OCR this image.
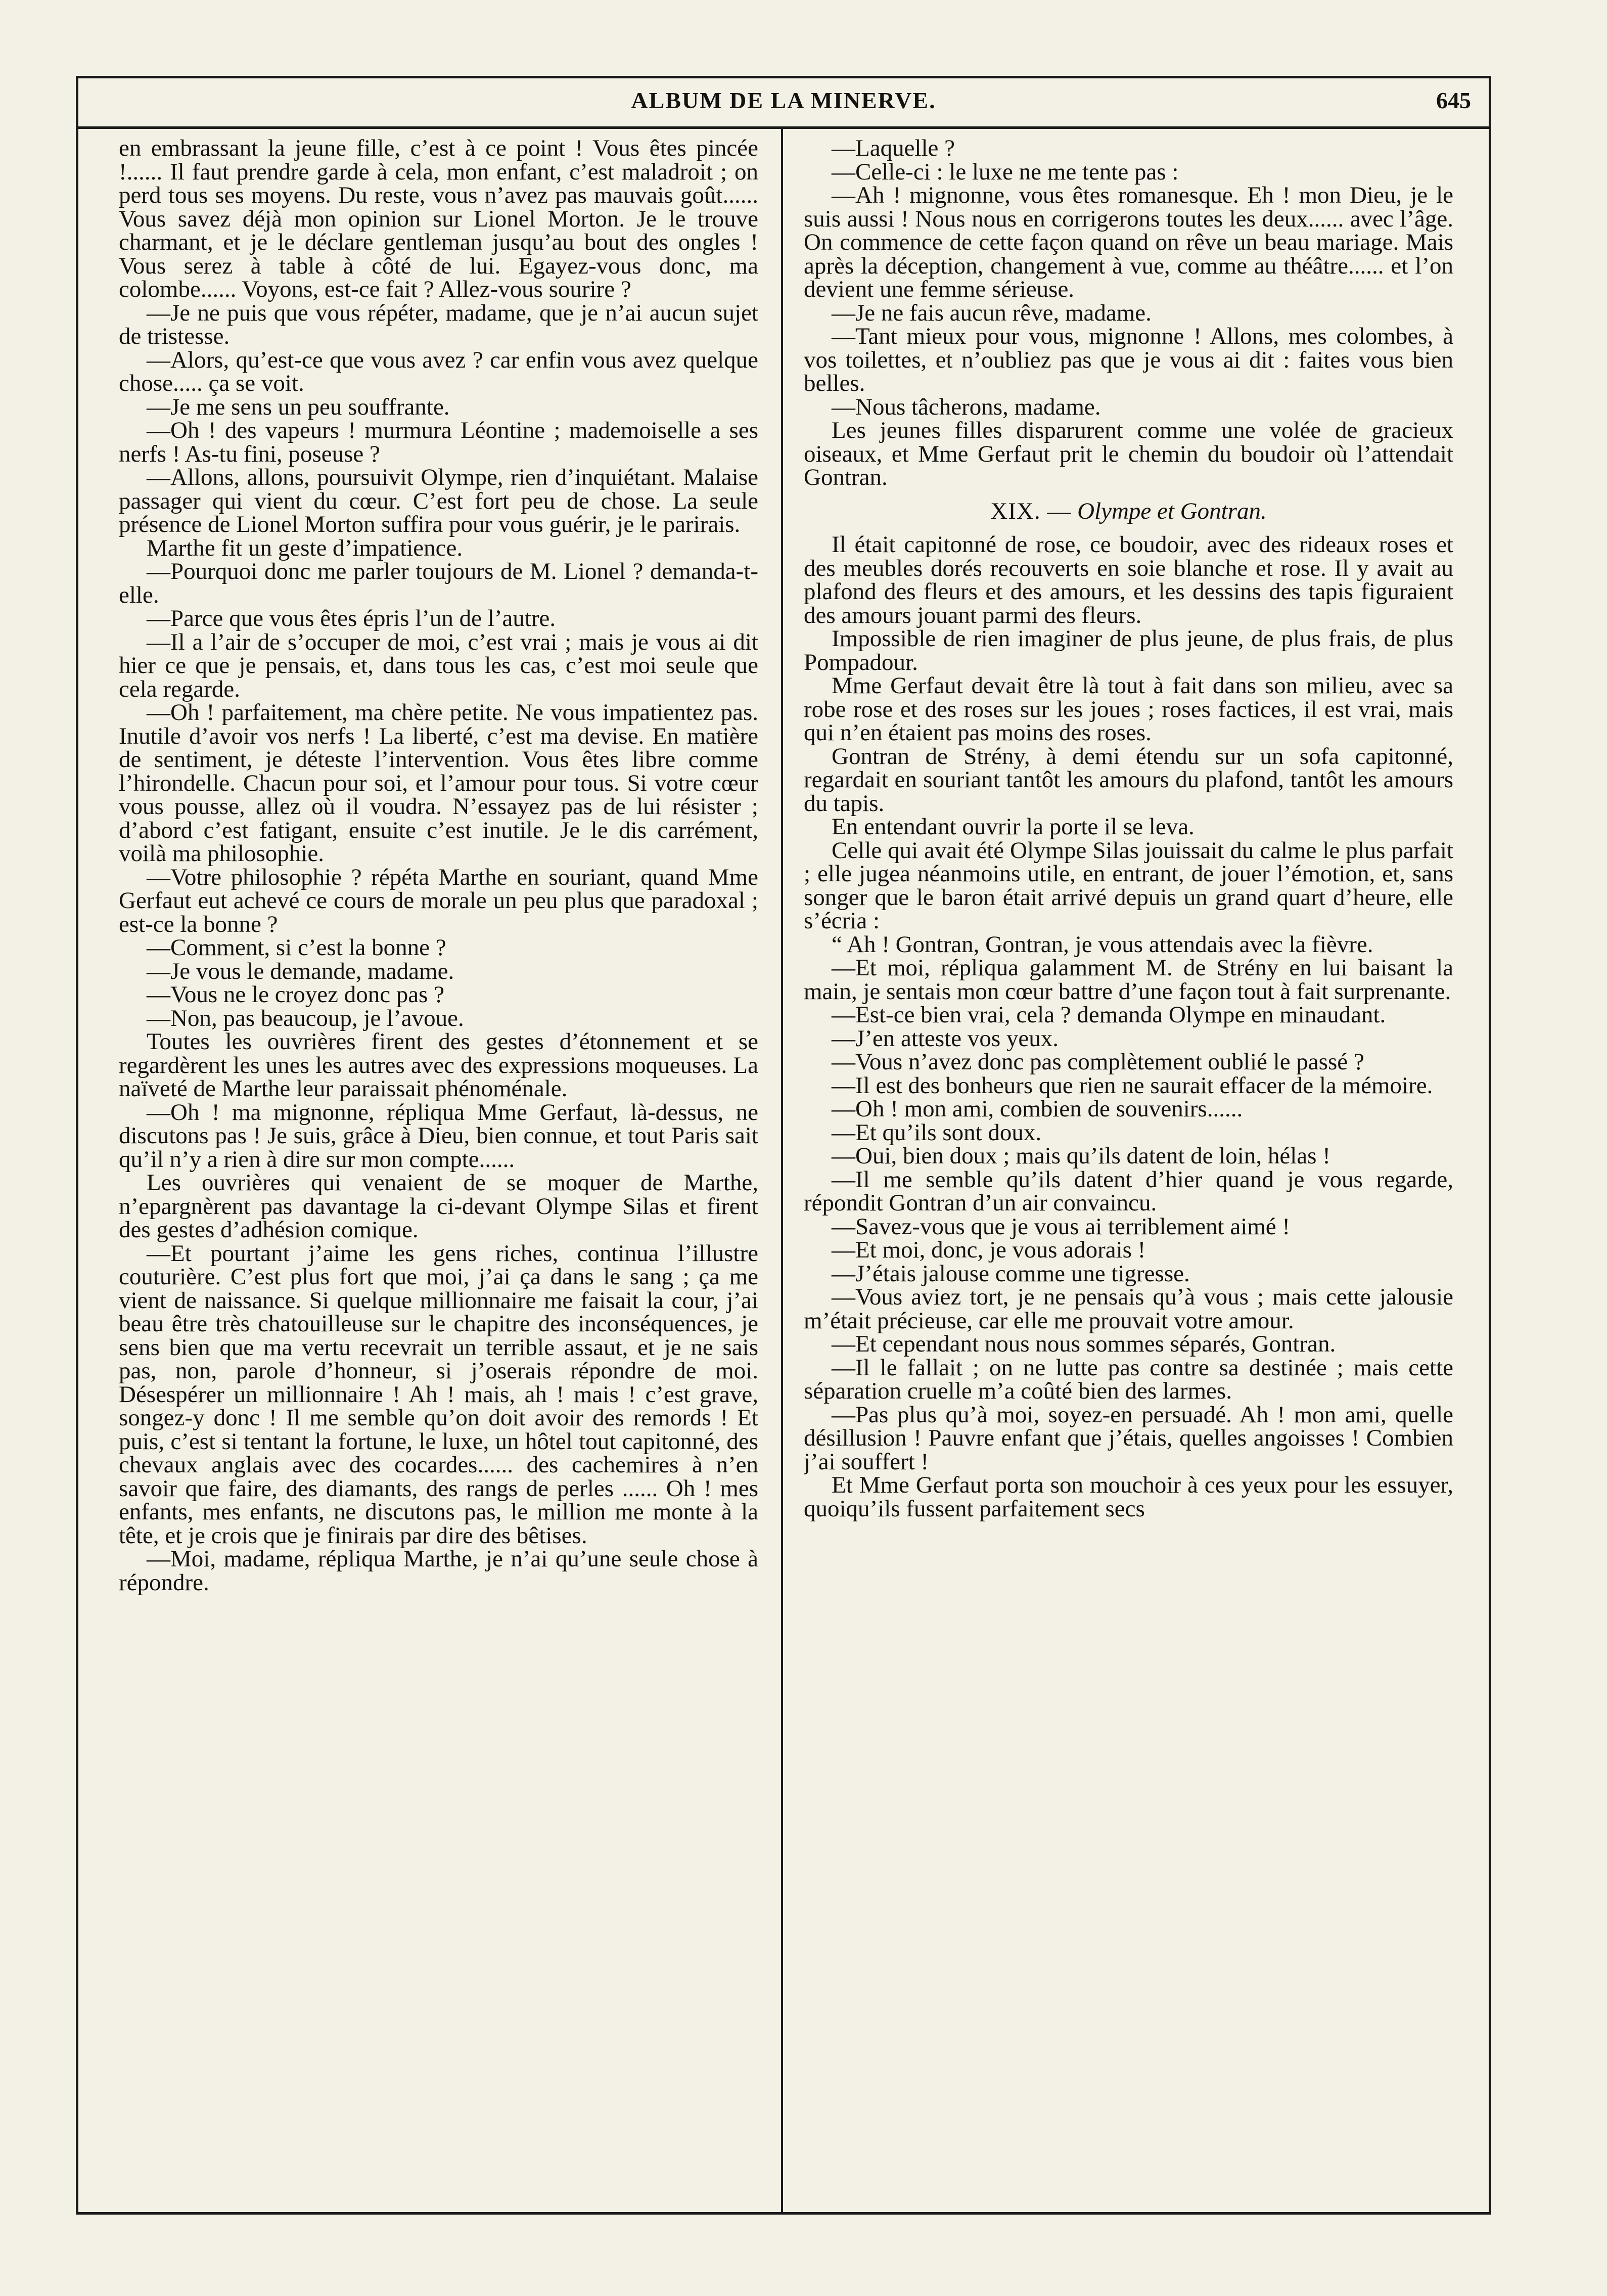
ALBUM DE LA MINERVE.	645

en embrassant la jeune fille, c’est à ce point ! Vous êtes pincée !...... Il faut prendre garde à cela, mon enfant, c’est maladroit ; on perd tous ses moyens. Du reste, vous n’avez pas mauvais goût...... Vous savez déjà mon opinion sur Lionel Morton. Je le trouve charmant, et je le déclare gentleman jusqu’au bout des ongles ! Vous serez à table à côté de lui. Egayez-vous donc, ma colombe...... Voyons, est-ce fait ? Allez-vous sourire ?

—Je ne puis que vous répéter, madame, que je n’ai aucun sujet de tristesse.

—Alors, qu’est-ce que vous avez ? car enfin vous avez quelque chose..... ça se voit.

—Je me sens un peu souffrante.

—Oh ! des vapeurs ! murmura Léontine ; mademoiselle a ses nerfs ! As-tu fini, poseuse ?

—Allons, allons, poursuivit Olympe, rien d’inquiétant. Malaise passager qui vient du cœur. C’est fort peu de chose. La seule présence de Lionel Morton suffira pour vous guérir, je le parirais.

Marthe fit un geste d’impatience.

—Pourquoi donc me parler toujours de M. Lionel ? demanda-t-elle.

—Parce que vous êtes épris l’un de l’autre.

—Il a l’air de s’occuper de moi, c’est vrai ; mais je vous ai dit hier ce que je pensais, et, dans tous les cas, c’est moi seule que cela regarde.

—Oh ! parfaitement, ma chère petite. Ne vous impatientez pas. Inutile d’avoir vos nerfs ! La liberté, c’est ma devise. En matière de sentiment, je déteste l’intervention. Vous êtes libre comme l’hirondelle. Chacun pour soi, et l’amour pour tous. Si votre cœur vous pousse, allez où il voudra. N’essayez pas de lui résister ; d’abord c’est fatigant, ensuite c’est inutile. Je le dis carrément, voilà ma philosophie.

—Votre philosophie ? répéta Marthe en souriant, quand Mme Gerfaut eut achevé ce cours de morale un peu plus que paradoxal ; est-ce la bonne ?

—Comment, si c’est la bonne ?

—Je vous le demande, madame.

—Vous ne le croyez donc pas ?

—Non, pas beaucoup, je l’avoue.

Toutes les ouvrières firent des gestes d’étonnement et se regardèrent les unes les autres avec des expressions moqueuses. La naïveté de Marthe leur paraissait phénoménale.

—Oh ! ma mignonne, répliqua Mme Gerfaut, là-dessus, ne discutons pas ! Je suis, grâce à Dieu, bien connue, et tout Paris sait qu’il n’y a rien à dire sur mon compte......

Les ouvrières qui venaient de se moquer de Marthe, n’epargnèrent pas davantage la ci-devant Olympe Silas et firent des gestes d’adhésion comique.

—Et pourtant j’aime les gens riches, continua l’illustre couturière. C’est plus fort que moi, j’ai ça dans le sang ; ça me vient de naissance. Si quelque millionnaire me faisait la cour, j’ai beau être très chatouilleuse sur le chapitre des inconséquences, je sens bien que ma vertu recevrait un terrible assaut, et je ne sais pas, non, parole d’honneur, si j’oserais répondre de moi. Désespérer un millionnaire ! Ah ! mais, ah ! mais ! c’est grave, songez-y donc ! Il me semble qu’on doit avoir des remords ! Et puis, c’est si tentant la fortune, le luxe, un hôtel tout capitonné, des chevaux anglais avec des cocardes...... des cachemires à n’en savoir que faire, des diamants, des rangs de perles ...... Oh ! mes enfants, mes enfants, ne discutons pas, le million me monte à la tête, et je crois que je finirais par dire des bêtises.

—Moi, madame, répliqua Marthe, je n’ai qu’une seule chose à répondre.

—Laquelle ?

—Celle-ci : le luxe ne me tente pas :

—Ah ! mignonne, vous êtes romanesque. Eh ! mon Dieu, je le suis aussi ! Nous nous en corrigerons toutes les deux...... avec l’âge. On commence de cette façon quand on rêve un beau mariage. Mais après la déception, changement à vue, comme au théâtre...... et l’on devient une femme sérieuse.

—Je ne fais aucun rêve, madame.

—Tant mieux pour vous, mignonne ! Allons, mes colombes, à vos toilettes, et n’oubliez pas que je vous ai dit : faites vous bien belles.

—Nous tâcherons, madame.

Les jeunes filles disparurent comme une volée de gracieux oiseaux, et Mme Gerfaut prit le chemin du boudoir où l’attendait Gontran.

XIX. — Olympe et Gontran.

Il était capitonné de rose, ce boudoir, avec des rideaux roses et des meubles dorés recouverts en soie blanche et rose. Il y avait au plafond des fleurs et des amours, et les dessins des tapis figuraient des amours jouant parmi des fleurs.

Impossible de rien imaginer de plus jeune, de plus frais, de plus Pompadour.

Mme Gerfaut devait être là tout à fait dans son milieu, avec sa robe rose et des roses sur les joues ; roses factices, il est vrai, mais qui n’en étaient pas moins des roses.

Gontran de Strény, à demi étendu sur un sofa capitonné, regardait en souriant tantôt les amours du plafond, tantôt les amours du tapis.

En entendant ouvrir la porte il se leva.

Celle qui avait été Olympe Silas jouissait du calme le plus parfait ; elle jugea néanmoins utile, en entrant, de jouer l’émotion, et, sans songer que le baron était arrivé depuis un grand quart d’heure, elle s’écria :

“ Ah ! Gontran, Gontran, je vous attendais avec la fièvre.

—Et moi, répliqua galamment M. de Strény en lui baisant la main, je sentais mon cœur battre d’une façon tout à fait surprenante.

—Est-ce bien vrai, cela ? demanda Olympe en minaudant.

—J’en atteste vos yeux.

—Vous n’avez donc pas complètement oublié le passé ?

—Il est des bonheurs que rien ne saurait effacer de la mémoire.

—Oh ! mon ami, combien de souvenirs......

—Et qu’ils sont doux.

—Oui, bien doux ; mais qu’ils datent de loin, hélas !

—Il me semble qu’ils datent d’hier quand je vous regarde, répondit Gontran d’un air convaincu.

—Savez-vous que je vous ai terriblement aimé !

—Et moi, donc, je vous adorais !

—J’étais jalouse comme une tigresse.

—Vous aviez tort, je ne pensais qu’à vous ; mais cette jalousie m’était précieuse, car elle me prouvait votre amour.

—Et cependant nous nous sommes séparés, Gontran.

—Il le fallait ; on ne lutte pas contre sa destinée ; mais cette séparation cruelle m’a coûté bien des larmes.

—Pas plus qu’à moi, soyez-en persuadé. Ah ! mon ami, quelle désillusion ! Pauvre enfant que j’étais, quelles angoisses ! Combien j’ai souffert !

Et Mme Gerfaut porta son mouchoir à ces yeux pour les essuyer, quoiqu’ils fussent parfaitement secs
